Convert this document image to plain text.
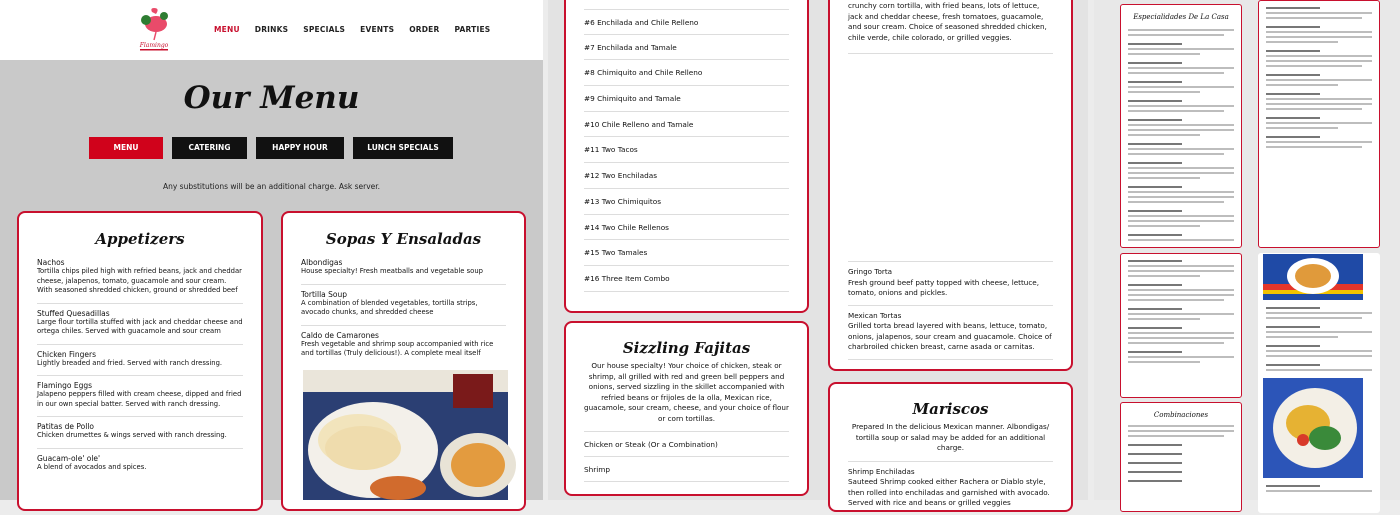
Flamingo
MENU DRINKS SPECIALS EVENTS ORDER PARTIES
Our Menu
MENU	CATERING	HAPPY HOUR	LUNCH SPECIALS
Any substitutions will be an additional charge. Ask server.
Appetizers
Nachos
Tortilla chips piled high with refried beans, jack and cheddar cheese, jalapenos, tomato, guacamole and sour cream. With seasoned shredded chicken, ground or shredded beef
Stuffed Quesadillas
Large flour tortilla stuffed with jack and cheddar cheese and ortega chiles. Served with guacamole and sour cream
Chicken Fingers
Lightly breaded and fried. Served with ranch dressing.
Flamingo Eggs
Jalapeno peppers filled with cream cheese, dipped and fried in our own special batter. Served with ranch dressing.
Patitas de Pollo
Chicken drumettes & wings served with ranch dressing.
Guacam-ole' ole'
A blend of avocados and spices.
Sopas Y Ensaladas
Albondigas
House specialty! Fresh meatballs and vegetable soup
Tortilla Soup
A combination of blended vegetables, tortilla strips, avocado chunks, and shredded cheese
Caldo de Camarones
Fresh vegetable and shrimp soup accompanied with rice and tortillas (Truly delicious!). A complete meal itself
#6 Enchilada and Chile Relleno
#7 Enchilada and Tamale
#8 Chimiquito and Chile Relleno
#9 Chimiquito and Tamale
#10 Chile Relleno and Tamale
#11 Two Tacos
#12 Two Enchiladas
#13 Two Chimiquitos
#14 Two Chile Rellenos
#15 Two Tamales
#16 Three Item Combo
Sizzling Fajitas
Our house specialty! Your choice of chicken, steak or shrimp, all grilled with red and green bell peppers and onions, served sizzling in the skillet accompanied with refried beans or frijoles de la olla, Mexican rice, guacamole, sour cream, cheese, and your choice of flour or corn tortillas.
Chicken or Steak (Or a Combination)
Shrimp
crunchy corn tortilla, with fried beans, lots of lettuce, jack and cheddar cheese, fresh tomatoes, guacamole, and sour cream. Choice of seasoned shredded chicken, chile verde, chile colorado, or grilled veggies.
Gringo Torta
Fresh ground beef patty topped with cheese, lettuce, tomato, onions and pickles.
Mexican Tortas
Grilled torta bread layered with beans, lettuce, tomato, onions, jalapenos, sour cream and guacamole. Choice of charbroiled chicken breast, carne asada or carnitas.
Mariscos
Prepared In the delicious Mexican manner. Albondigas/ tortilla soup or salad may be added for an additional charge.
Shrimp Enchiladas
Sauteed Shrimp cooked either Rachera or Diablo style, then rolled into enchiladas and garnished with avocado. Served with rice and beans or grilled veggies
Especialidades De La Casa
Combinaciones
